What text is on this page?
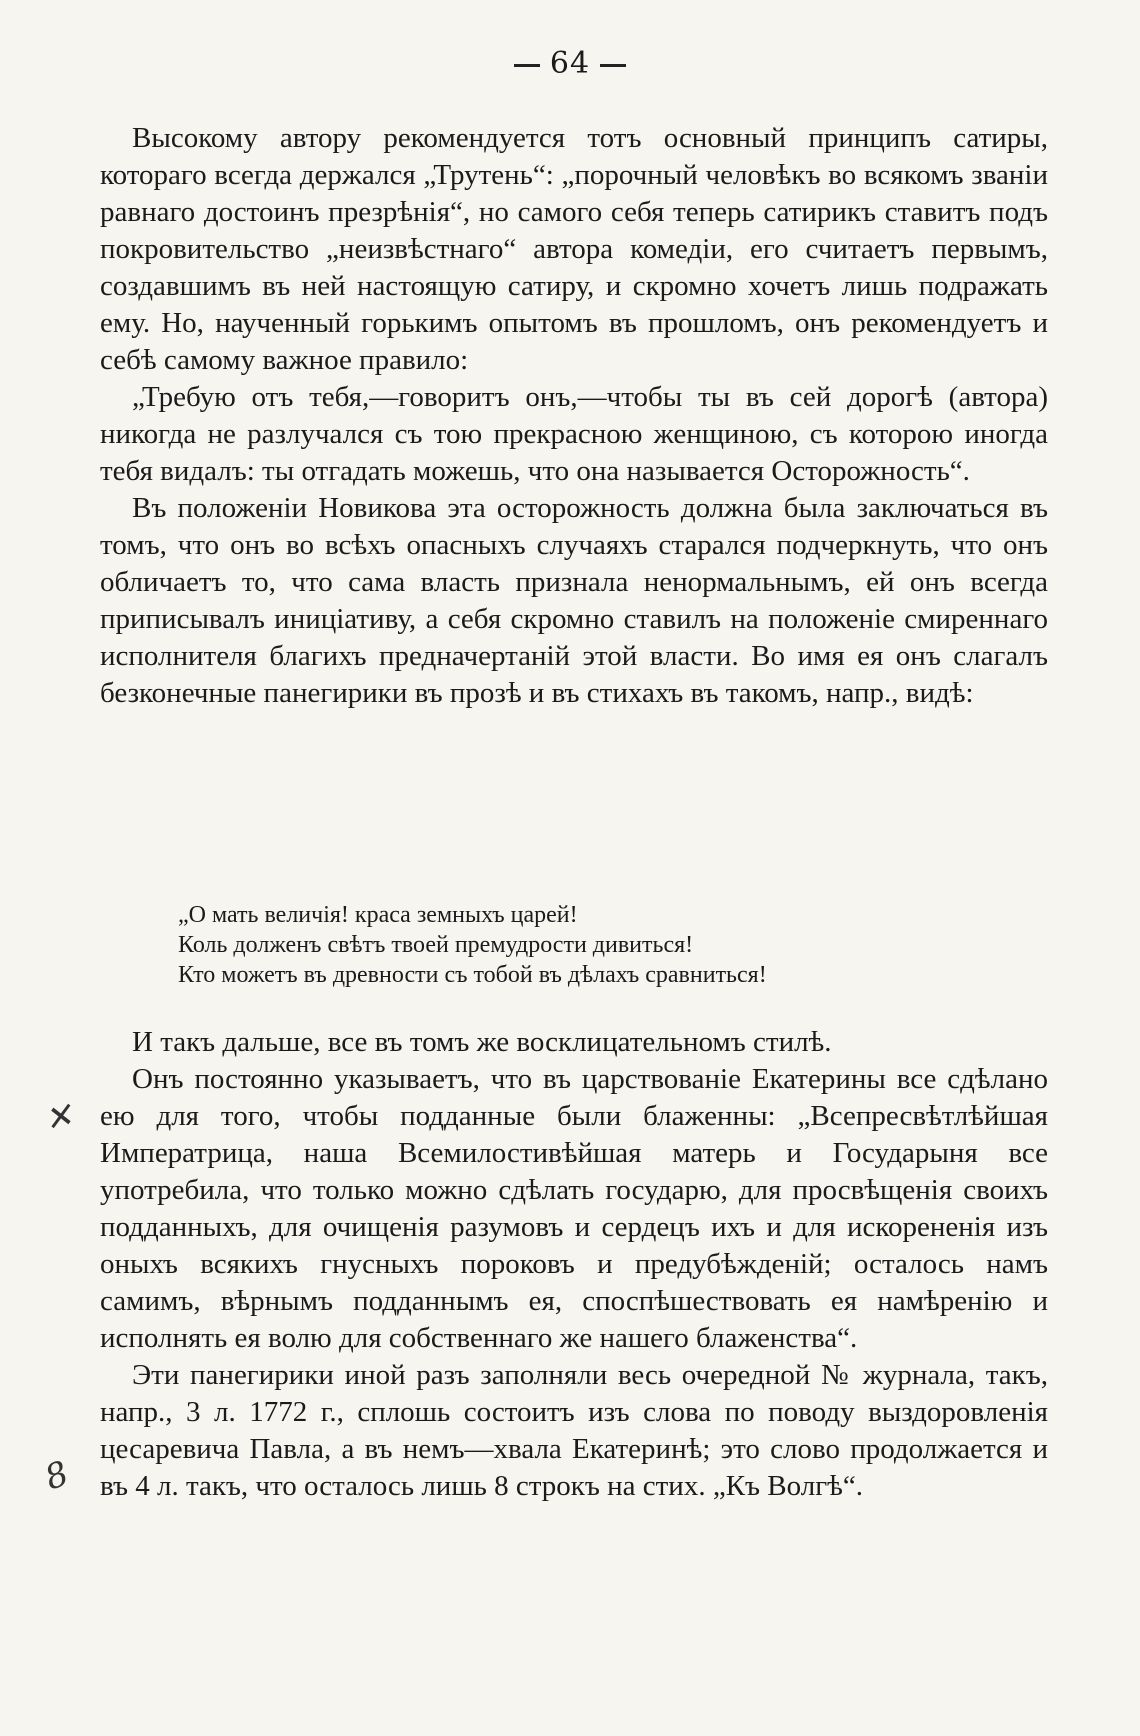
64

Высокому автору рекомендуется тотъ основный принципъ сатиры, котораго всегда держался „Трутень“: „порочный человѣкъ во всякомъ званіи равнаго достоинъ презрѣнія“, но самого себя теперь сатирикъ ставитъ подъ покровительство „неизвѣстнаго“ автора комедіи, его считаетъ первымъ, создавшимъ въ ней настоящую сатиру, и скромно хочетъ лишь подражать ему. Но, наученный горькимъ опытомъ въ прошломъ, онъ рекомендуетъ и себѣ самому важное правило:

„Требую отъ тебя,—говоритъ онъ,—чтобы ты въ сей дорогѣ (автора) никогда не разлучался съ тою прекрасною женщиною, съ которою иногда тебя видалъ: ты отгадать можешь, что она называется Осторожность“.

Въ положеніи Новикова эта осторожность должна была заключаться въ томъ, что онъ во всѣхъ опасныхъ случаяхъ старался подчеркнуть, что онъ обличаетъ то, что сама власть признала ненормальнымъ, ей онъ всегда приписывалъ иниціативу, а себя скромно ставилъ на положеніе смиреннаго исполнителя благихъ предначертаній этой власти. Во имя ея онъ слагалъ безконечные панегирики въ прозѣ и въ стихахъ въ такомъ, напр., видѣ:

„О мать величія! краса земныхъ царей!
Коль долженъ свѣтъ твоей премудрости дивиться!
Кто можетъ въ древности съ тобой въ дѣлахъ сравниться!

И такъ дальше, все въ томъ же восклицательномъ стилѣ.

Онъ постоянно указываетъ, что въ царствованіе Екатерины все сдѣлано ею для того, чтобы подданные были блаженны: „Всепресвѣтлѣйшая Императрица, наша Всемилостивѣйшая матерь и Государыня все употребила, что только можно сдѣлать государю, для просвѣщенія своихъ подданныхъ, для очищенія разумовъ и сердецъ ихъ и для искорененія изъ оныхъ всякихъ гнусныхъ пороковъ и предубѣжденій; осталось намъ самимъ, вѣрнымъ подданнымъ ея, споспѣшествовать ея намѣренію и исполнять ея волю для собственнаго же нашего блаженства“.

Эти панегирики иной разъ заполняли весь очередной № журнала, такъ, напр., 3 л. 1772 г., сплошь состоитъ изъ слова по поводу выздоровленія цесаревича Павла, а въ немъ—хвала Екатеринѣ; это слово продолжается и въ 4 л. такъ, что осталось лишь 8 строкъ на стих. „Къ Волгѣ“.

✕
8
